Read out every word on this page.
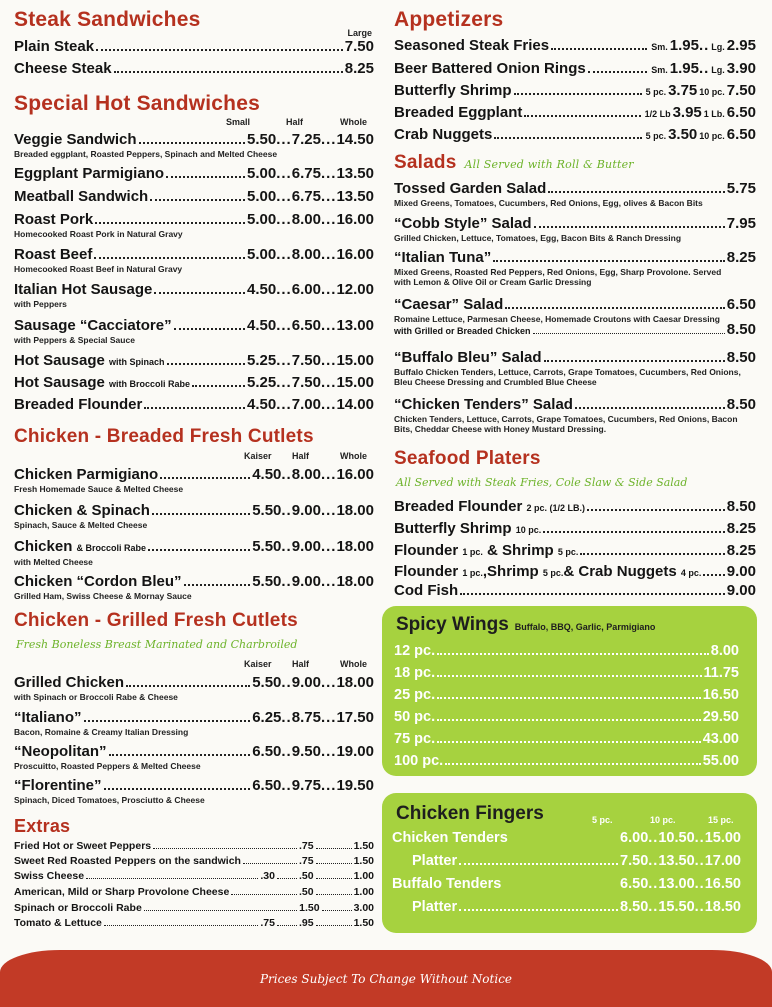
Steak Sandwiches
Large
Plain Steak	7.50
Cheese Steak	8.25
Special Hot Sandwiches
Small	Half	Whole
Veggie Sandwich	5.50 ... 7.25 ... 14.50
Breaded eggplant, Roasted Peppers, Spinach and Melted Cheese
Eggplant Parmigiano	5.00 ... 6.75 ... 13.50
Meatball Sandwich	5.00 ... 6.75 ... 13.50
Roast Pork	5.00 ... 8.00 ... 16.00
Homecooked Roast Pork in Natural Gravy
Roast Beef	5.00 ... 8.00 ... 16.00
Homecooked Roast Beef in Natural Gravy
Italian Hot Sausage	4.50 ... 6.00 ... 12.00
with Peppers
Sausage “Cacciatore”	4.50 ... 6.50 ... 13.00
with Peppers & Special Sauce
Hot Sausage with Spinach	5.25 ... 7.50 ... 15.00
Hot Sausage with Broccoli Rabe	5.25 ... 7.50 ... 15.00
Breaded Flounder	4.50 ... 7.00 ... 14.00
Chicken - Breaded Fresh Cutlets
Kaiser Half	Whole
Chicken Parmigiano	4.50 .. 8.00 ... 16.00
Fresh Homemade Sauce & Melted Cheese
Chicken & Spinach	5.50 .. 9.00 ... 18.00
Spinach, Sauce & Melted Cheese
Chicken & Broccoli Rabe	5.50 .. 9.00 ... 18.00
with Melted Cheese
Chicken “Cordon Bleu”	5.50 .. 9.00 ... 18.00
Grilled Ham, Swiss Cheese & Mornay Sauce
Chicken - Grilled Fresh Cutlets
Fresh Boneless Breast Marinated and Charbroiled
Kaiser Half	Whole
Grilled Chicken	5.50 .. 9.00 ... 18.00
with Spinach or Broccoli Rabe & Cheese
“Italiano”	6.25 .. 8.75 ... 17.50
Bacon, Romaine & Creamy Italian Dressing
“Neopolitan”	6.50 .. 9.50 ... 19.00
Proscuitto, Roasted Peppers & Melted Cheese
“Florentine”	6.50 .. 9.75 ... 19.50
Spinach, Diced Tomatoes, Prosciutto & Cheese
Extras
Fried Hot or Sweet Peppers	.75	1.50
Sweet Red Roasted Peppers on the sandwich	.75	1.50
Swiss Cheese	.30 .50	1.00
American, Mild or Sharp Provolone Cheese	.50	1.00
Spinach or Broccoli Rabe	1.50	3.00
Tomato & Lettuce	.75 .95	1.50
Appetizers
Seasoned Steak Fries	Sm. 1.95 .. Lg. 2.95
Beer Battered Onion Rings	Sm. 1.95 .. Lg. 3.90
Butterfly Shrimp	5 pc. 3.75 10 pc. 7.50
Breaded Eggplant	1/2 Lb 3.95 1 Lb. 6.50
Crab Nuggets	5 pc. 3.50 10 pc. 6.50
Salads All Served with Roll & Butter
Tossed Garden Salad	5.75
Mixed Greens, Tomatoes, Cucumbers, Red Onions, Egg, olives & Bacon Bits
“Cobb Style” Salad	7.95
Grilled Chicken, Lettuce, Tomatoes, Egg, Bacon Bits & Ranch Dressing
“Italian Tuna”	8.25
Mixed Greens, Roasted Red Peppers, Red Onions, Egg, Sharp Provolone. Served with Lemon & Olive Oil or Cream Garlic Dressing
“Caesar” Salad	6.50
Romaine Lettuce, Parmesan Cheese, Homemade Croutons with Caesar Dressing
with Grilled or Breaded Chicken	8.50
“Buffalo Bleu” Salad	8.50
Buffalo Chicken Tenders, Lettuce, Carrots, Grape Tomatoes, Cucumbers, Red Onions, Bleu Cheese Dressing and Crumbled Blue Cheese
“Chicken Tenders” Salad	8.50
Chicken Tenders, Lettuce, Carrots, Grape Tomatoes, Cucumbers, Red Onions, Bacon Bits, Cheddar Cheese with Honey Mustard Dressing.
Seafood Platers
All Served with Steak Fries, Cole Slaw & Side Salad
Breaded Flounder 2 pc. (1/2 LB.)	8.50
Butterfly Shrimp 10 pc.	8.25
Flounder 1 pc. & Shrimp 5 pc.	8.25
Flounder 1 pc.,Shrimp 5 pc.& Crab Nuggets 4 pc. 9.00
Cod Fish	9.00
Spicy Wings Buffalo, BBQ, Garlic, Parmigiano
12 pc.	8.00
18 pc.	11.75
25 pc.	16.50
50 pc.	29.50
75 pc.	43.00
100 pc.	55.00
Chicken Fingers	5 pc.	10 pc.	15 pc.
Chicken Tenders	6.00 .. 10.50 .. 15.00
Platter	7.50 .. 13.50 .. 17.00
Buffalo Tenders	6.50 .. 13.00 .. 16.50
Platter	8.50 .. 15.50 .. 18.50
Prices Subject To Change Without Notice
